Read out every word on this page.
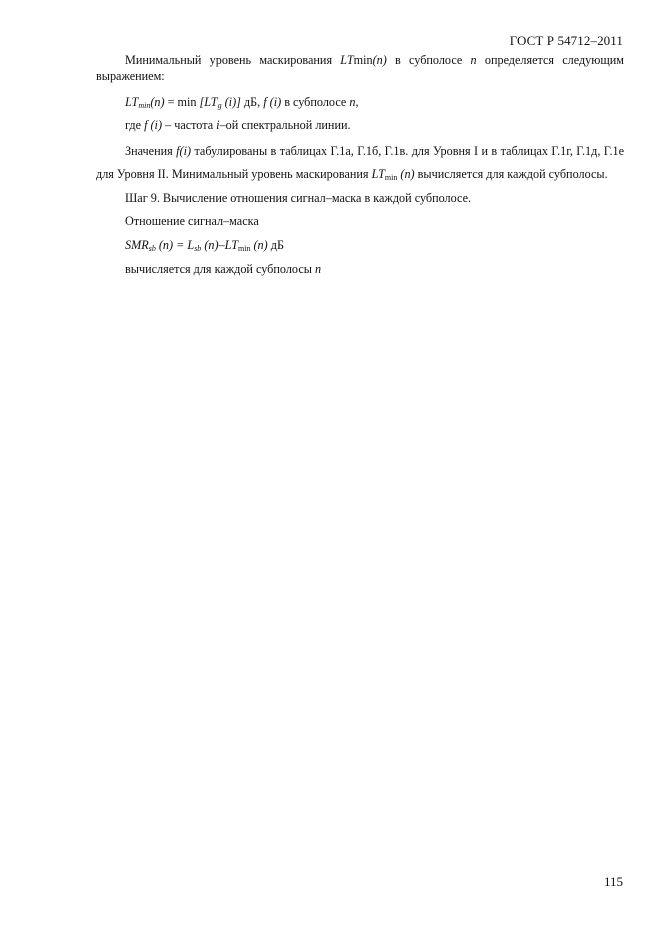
ГОСТ Р 54712–2011

Минимальный уровень маскирования LTmin(n) в субполосе n определяется следующим выражением:

$LT_{min}(n) = \min [LT_g$ (i)] дБ, f (i) в субполосе n,

где f (i) – частота i–ой спектральной линии.

Значения f(i) табулированы в таблицах Г.1а, Г.1б, Г.1в. для Уровня I и в таблицах Г.1г, Г.1д, Г.1е для Уровня II. Минимальный уровень маскирования $LT_{min}$ (n) вычисляется для каждой субполосы.

Шаг 9. Вычисление отношения сигнал–маска в каждой субполосе.

Отношение сигнал–маска

$SMR_{sb}$ $(n) = L_{sb}$ $(n)-LT_{min}$ (n) дБ

вычисляется для каждой субполосы n

115
